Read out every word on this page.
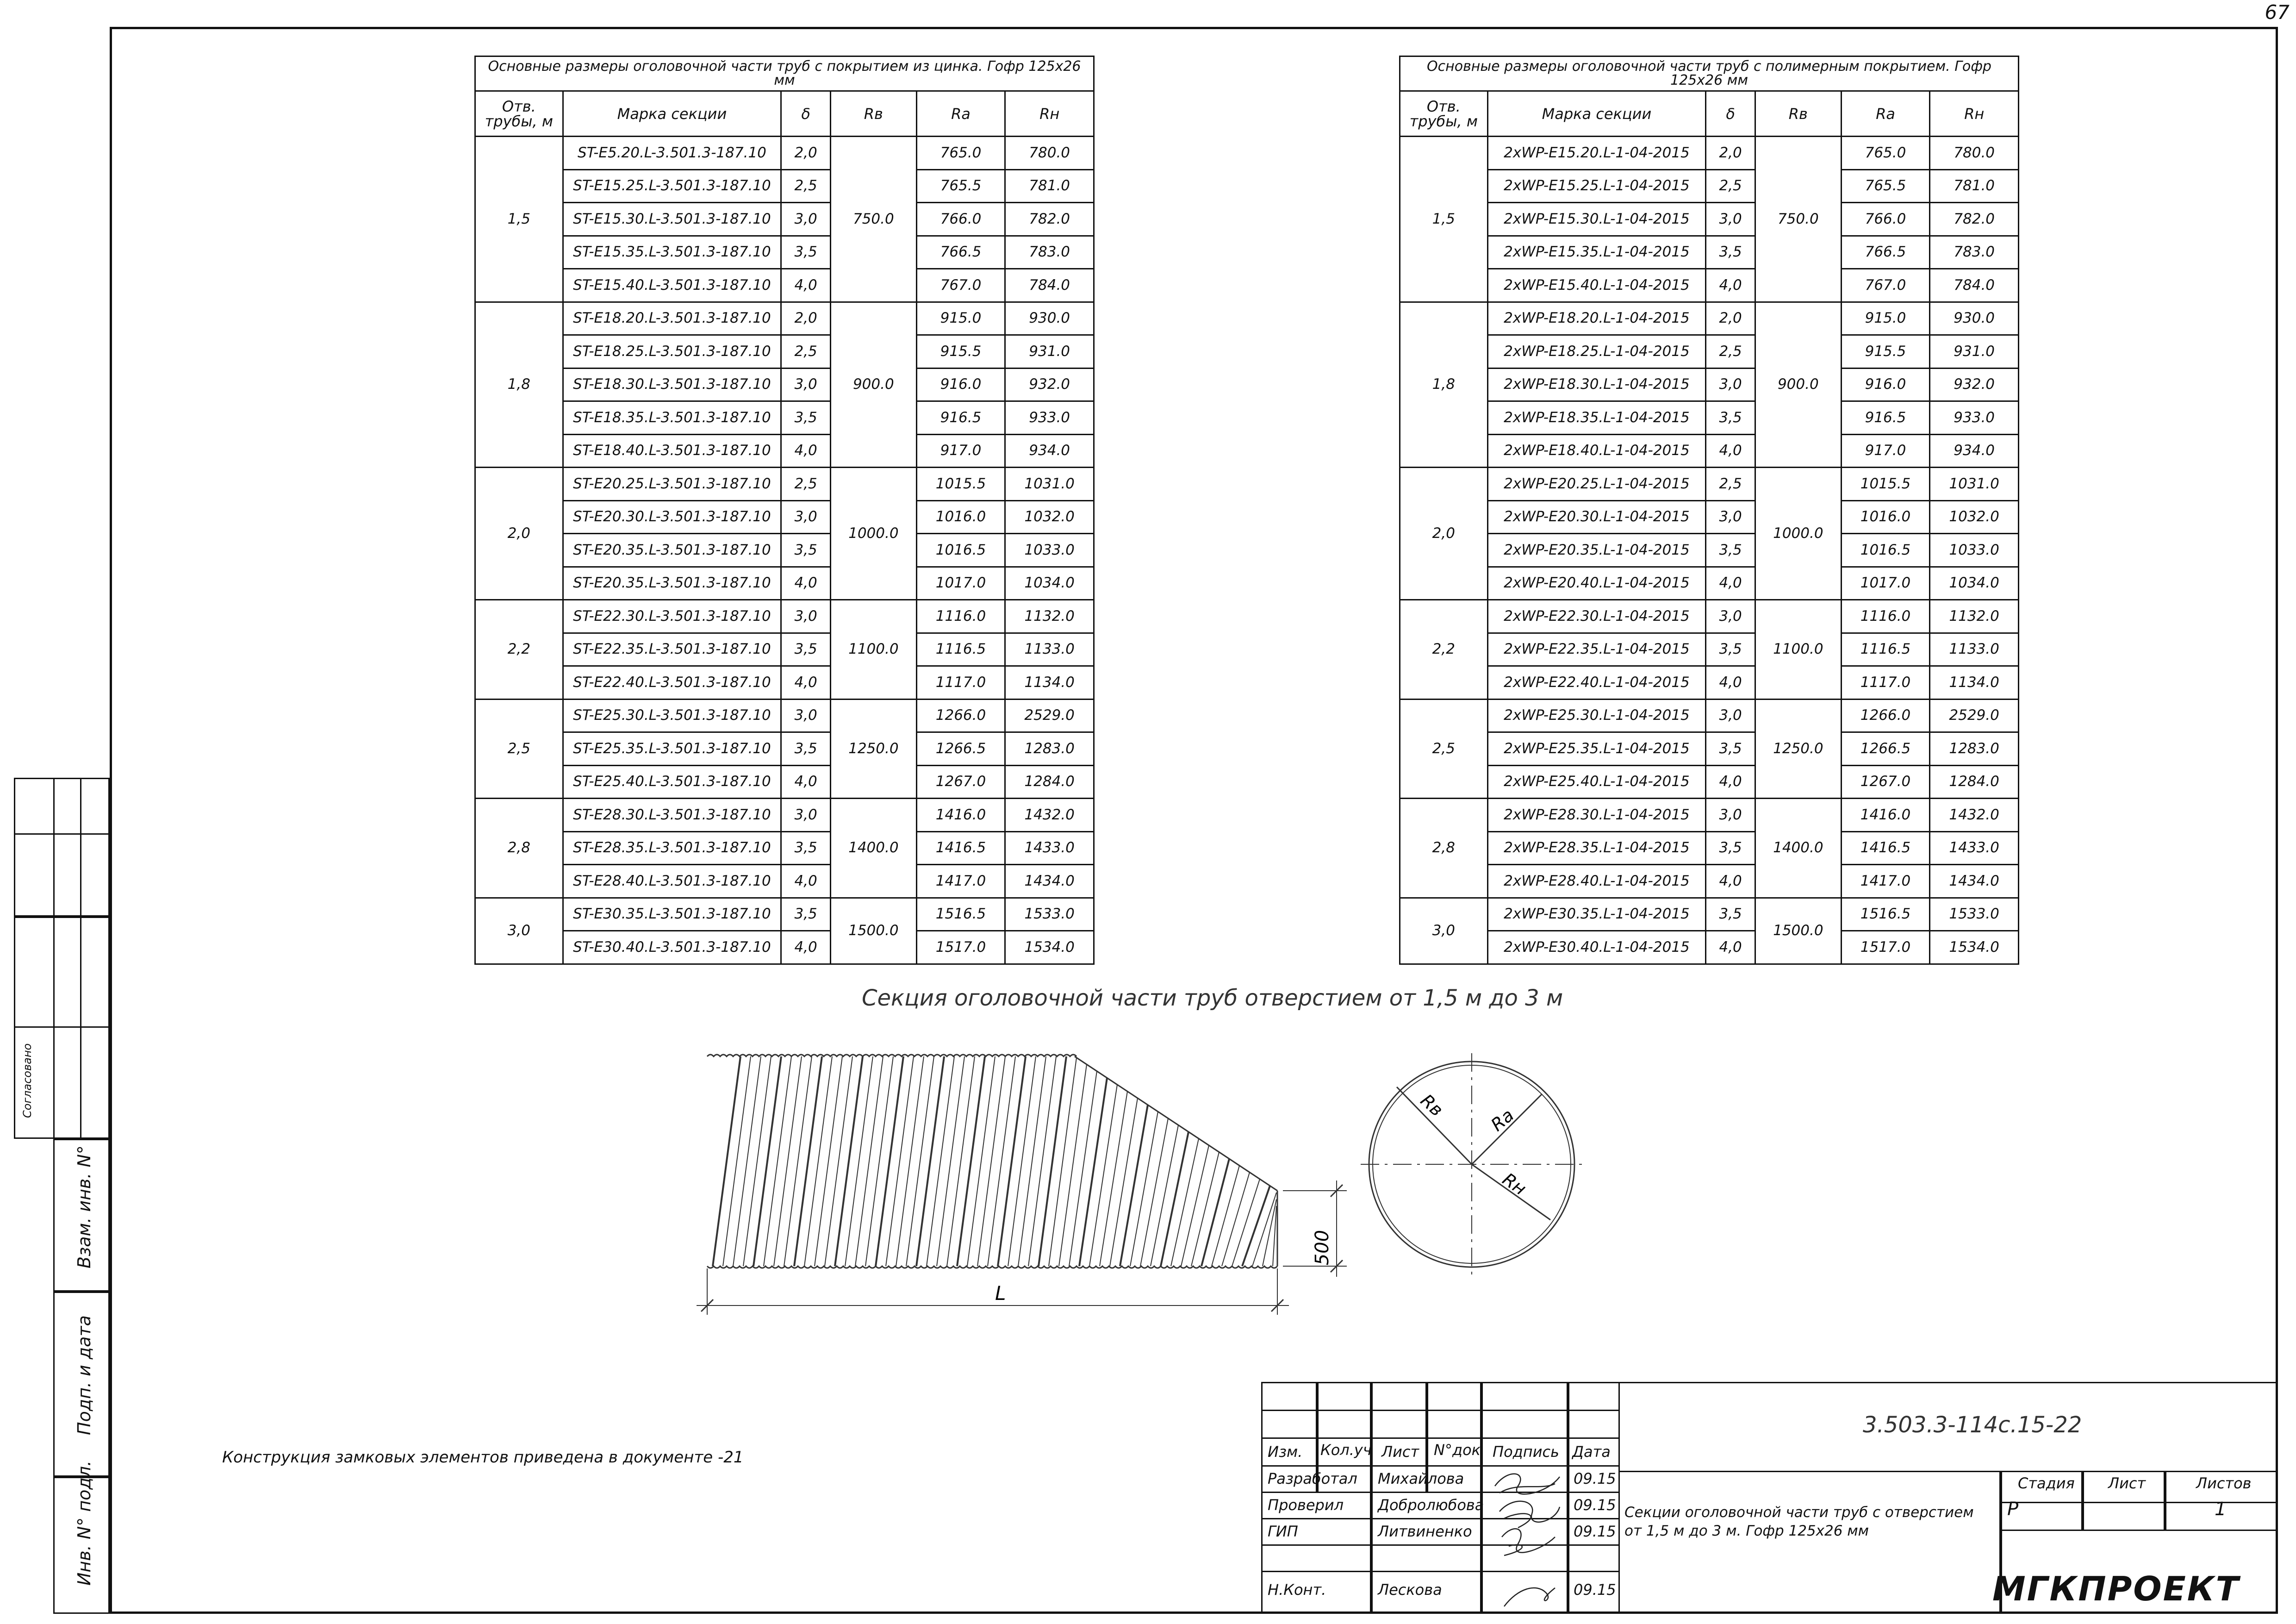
67
Согласовано
Взам. инв. N°
Подп. и дата
Инв. N° подл.
Основные размеры оголовочной части труб с покрытием из цинка. Гофр 125x26 мм					
Отв. трубы, м	Марка секции	δ	Rв	Rа	Rн
1,5	ST-E5.20.L-3.501.3-187.10	2,0	750.0	765.0	780.0
	ST-E15.25.L-3.501.3-187.10	2,5		765.5	781.0
	ST-E15.30.L-3.501.3-187.10	3,0		766.0	782.0
	ST-E15.35.L-3.501.3-187.10	3,5		766.5	783.0
	ST-E15.40.L-3.501.3-187.10	4,0		767.0	784.0
1,8	ST-E18.20.L-3.501.3-187.10	2,0	900.0	915.0	930.0
	ST-E18.25.L-3.501.3-187.10	2,5		915.5	931.0
	ST-E18.30.L-3.501.3-187.10	3,0		916.0	932.0
	ST-E18.35.L-3.501.3-187.10	3,5		916.5	933.0
	ST-E18.40.L-3.501.3-187.10	4,0		917.0	934.0
2,0	ST-E20.25.L-3.501.3-187.10	2,5	1000.0	1015.5	1031.0
	ST-E20.30.L-3.501.3-187.10	3,0		1016.0	1032.0
	ST-E20.35.L-3.501.3-187.10	3,5		1016.5	1033.0
	ST-E20.35.L-3.501.3-187.10	4,0		1017.0	1034.0
2,2	ST-E22.30.L-3.501.3-187.10	3,0	1100.0	1116.0	1132.0
	ST-E22.35.L-3.501.3-187.10	3,5		1116.5	1133.0
	ST-E22.40.L-3.501.3-187.10	4,0		1117.0	1134.0
2,5	ST-E25.30.L-3.501.3-187.10	3,0	1250.0	1266.0	2529.0
	ST-E25.35.L-3.501.3-187.10	3,5		1266.5	1283.0
	ST-E25.40.L-3.501.3-187.10	4,0		1267.0	1284.0
2,8	ST-E28.30.L-3.501.3-187.10	3,0	1400.0	1416.0	1432.0
	ST-E28.35.L-3.501.3-187.10	3,5		1416.5	1433.0
	ST-E28.40.L-3.501.3-187.10	4,0		1417.0	1434.0
3,0	ST-E30.35.L-3.501.3-187.10	3,5	1500.0	1516.5	1533.0
	ST-E30.40.L-3.501.3-187.10	4,0		1517.0	1534.0
Основные размеры оголовочной части труб с полимерным покрытием. Гофр 125x26 мм					
Отв. трубы, м	Марка секции	δ	Rв	Rа	Rн
1,5	2xWP-E15.20.L-1-04-2015	2,0	750.0	765.0	780.0
	2xWP-E15.25.L-1-04-2015	2,5		765.5	781.0
	2xWP-E15.30.L-1-04-2015	3,0		766.0	782.0
	2xWP-E15.35.L-1-04-2015	3,5		766.5	783.0
	2xWP-E15.40.L-1-04-2015	4,0		767.0	784.0
1,8	2xWP-E18.20.L-1-04-2015	2,0	900.0	915.0	930.0
	2xWP-E18.25.L-1-04-2015	2,5		915.5	931.0
	2xWP-E18.30.L-1-04-2015	3,0		916.0	932.0
	2xWP-E18.35.L-1-04-2015	3,5		916.5	933.0
	2xWP-E18.40.L-1-04-2015	4,0		917.0	934.0
2,0	2xWP-E20.25.L-1-04-2015	2,5	1000.0	1015.5	1031.0
	2xWP-E20.30.L-1-04-2015	3,0		1016.0	1032.0
	2xWP-E20.35.L-1-04-2015	3,5		1016.5	1033.0
	2xWP-E20.40.L-1-04-2015	4,0		1017.0	1034.0
2,2	2xWP-E22.30.L-1-04-2015	3,0	1100.0	1116.0	1132.0
	2xWP-E22.35.L-1-04-2015	3,5		1116.5	1133.0
	2xWP-E22.40.L-1-04-2015	4,0		1117.0	1134.0
2,5	2xWP-E25.30.L-1-04-2015	3,0	1250.0	1266.0	2529.0
	2xWP-E25.35.L-1-04-2015	3,5		1266.5	1283.0
	2xWP-E25.40.L-1-04-2015	4,0		1267.0	1284.0
2,8	2xWP-E28.30.L-1-04-2015	3,0	1400.0	1416.0	1432.0
	2xWP-E28.35.L-1-04-2015	3,5		1416.5	1433.0
	2xWP-E28.40.L-1-04-2015	4,0		1417.0	1434.0
3,0	2xWP-E30.35.L-1-04-2015	3,5	1500.0	1516.5	1533.0
	2xWP-E30.40.L-1-04-2015	4,0		1517.0	1534.0
Секция оголовочной части труб отверстием от 1,5 м до 3 м
500
L
Rв Ra
Rн
Конструкция замковых элементов приведена в документе -21
3.503.3-114с.15-22
Изм. Кол.уч Лист N°док Подпись Дата
Разработал Михайлова	09.15
Проверил Добролюбова	09.15
ГИП	Литвиненко	09.15
Н.Конт.	Лескова	09.15
Секции оголовочной части труб с отверстием от 1,5 м до 3 м. Гофр 125х26 мм
Стадия Лист	Листов
Р	1
МГКПРОЕКТ
